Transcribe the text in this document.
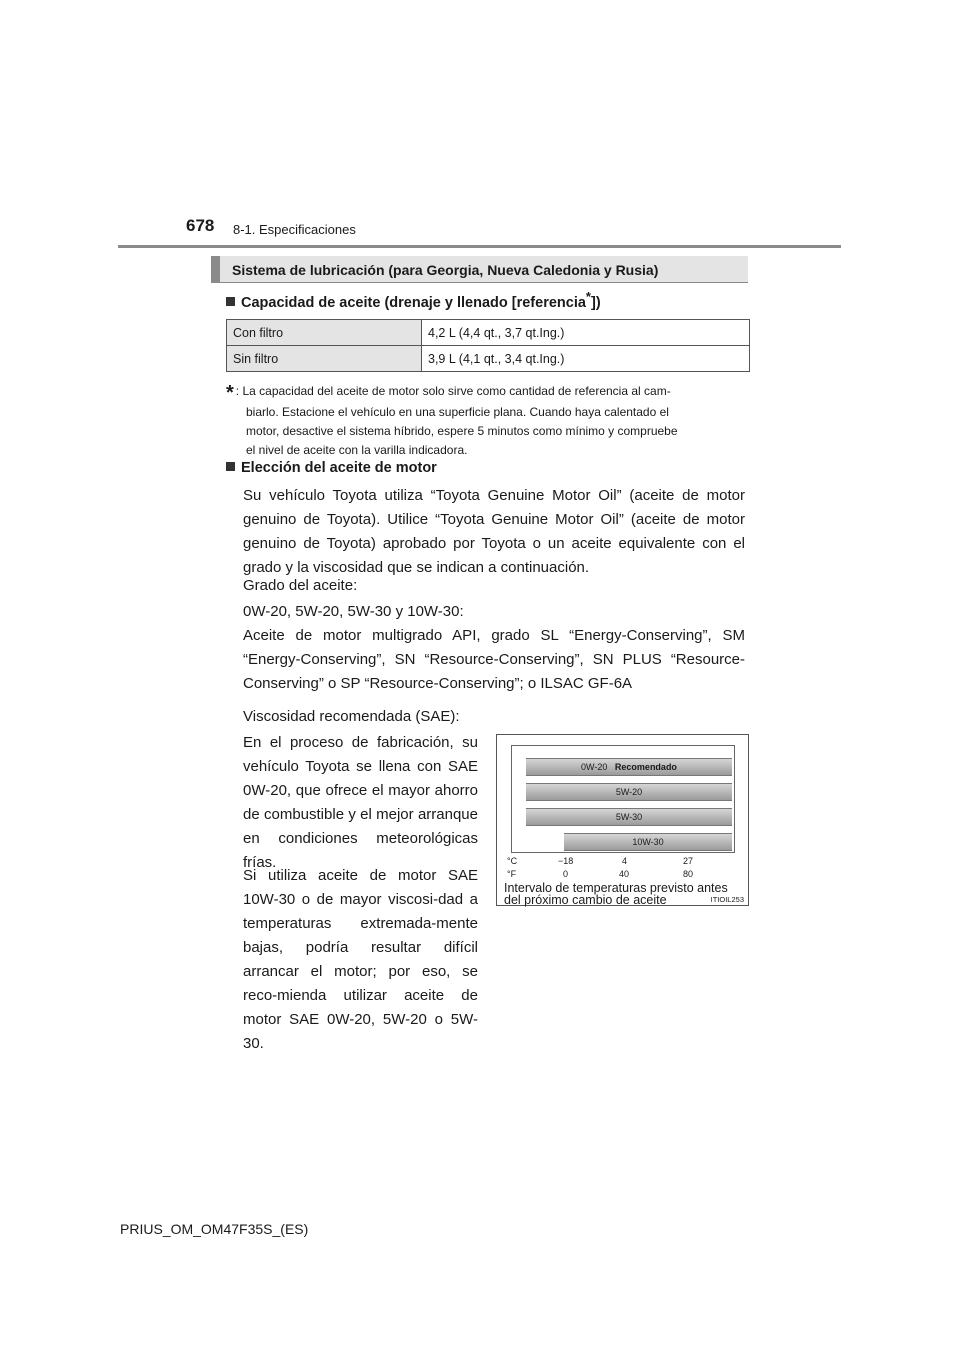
678 8-1. Especificaciones
Sistema de lubricación (para Georgia, Nueva Caledonia y Rusia)
Capacidad de aceite (drenaje y llenado [referencia*])
Con filtro	4,2 L (4,4 qt., 3,7 qt.Ing.)
Sin filtro	3,9 L (4,1 qt., 3,4 qt.Ing.)
* : La capacidad del aceite de motor solo sirve como cantidad de referencia al cam-
biarlo. Estacione el vehículo en una superficie plana. Cuando haya calentado el
motor, desactive el sistema híbrido, espere 5 minutos como mínimo y compruebe
el nivel de aceite con la varilla indicadora.
Elección del aceite de motor
Su vehículo Toyota utiliza “Toyota Genuine Motor Oil” (aceite de motor genuino de Toyota). Utilice “Toyota Genuine Motor Oil” (aceite de motor genuino de Toyota) aprobado por Toyota o un aceite equivalente con el grado y la viscosidad que se indican a continuación.
Grado del aceite:
0W-20, 5W-20, 5W-30 y 10W-30:
Aceite de motor multigrado API, grado SL “Energy-Conserving”, SM “Energy-Conserving”, SN “Resource-Conserving”, SN PLUS “Resource-Conserving” o SP “Resource-Conserving”; o ILSAC GF-6A
Viscosidad recomendada (SAE):
En el proceso de fabricación, su vehículo Toyota se llena con SAE 0W-20, que ofrece el mayor ahorro de combustible y el mejor arranque en condiciones meteorológicas frías.
Si utiliza aceite de motor SAE 10W-30 o de mayor viscosi-dad a temperaturas extremada-mente bajas, podría resultar difícil arrancar el motor; por eso, se reco-mienda utilizar aceite de motor SAE 0W-20, 5W-20 o 5W-30.
0W-20 Recomendado
5W-20
5W-30
10W-30
°C	−18	4	27
°F	0	40	80
Intervalo de temperaturas previsto antes
del próximo cambio de aceite	ITIOIL253
PRIUS_OM_OM47F35S_(ES)
